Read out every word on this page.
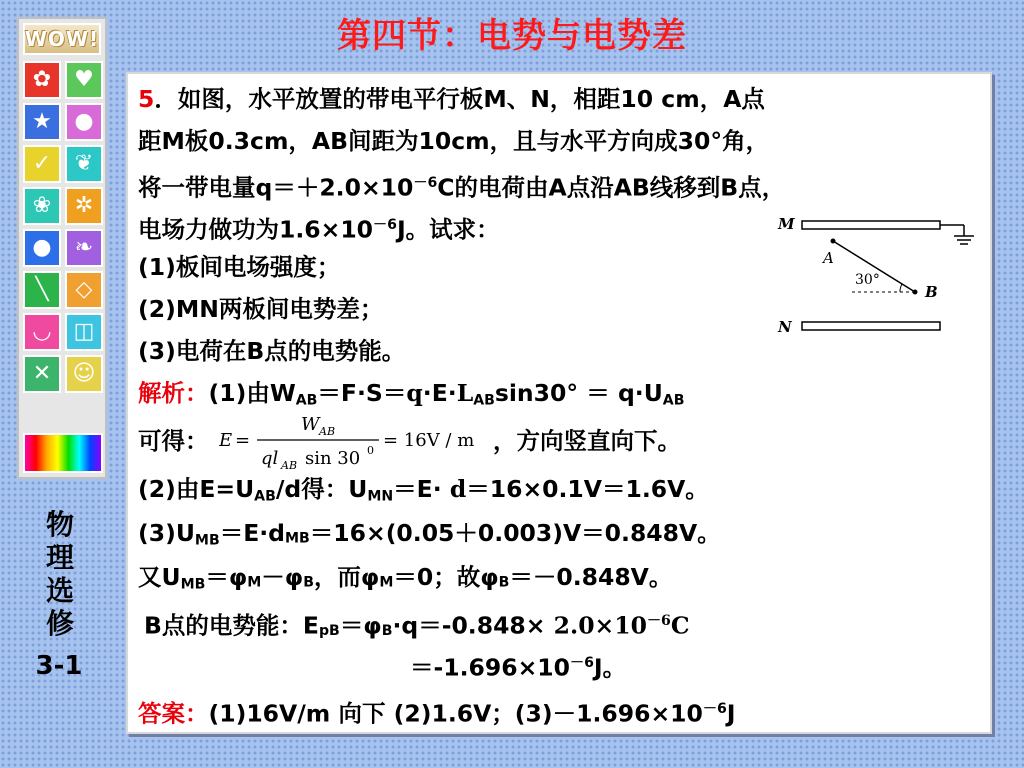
第四节：电势与电势差
WOW!
✿	♥
★	●
✓	❦
❀	✲
●	❧
╲	◇
◡	◫
✕ ☺
物
理
选
修
3-1
5．如图，水平放置的带电平行板M、N，相距10 cm，A点
距M板0.3cm，AB间距为10cm，且与水平方向成30°角，
将一带电量$q=+2.0\times 10^{-6}C$的电荷由A点沿AB线移到B点，
电场力做功为$1.6\times 10^{-6}J$。试求：
(1)板间电场强度；
(2)MN两板间电势差；
(3)电荷在B点的电势能。
M
A
30°
B
N
解析：(1)由$W_{AB}=F\cdot S=q\cdot E\cdot L_{AB}\sin 30^\circ = q\cdot U_{AB}$
可得： E =
W AB
ql AB sin 30 0 = 16V / m ，方向竖直向下。
(2)由$E=U_{AB}/d$得：$U_{MN}=E\cdot d=16\times 0.1V=1.6V$。
$(3)U_{MB}=E\cdot dMB=16\times(0.05+0.003)V=0.848V$。
又$U_{MB}=\varphi M-\varphi B$，而φM＝0；故φB＝－0.848V。
B点的电势能：$EpB=\varphi B\cdot q=-0.848\times 2.0\times 10^{-6}C$
$=-1.696\times 10^{-6}J$。
答案：(1)16V/m 向下 (2)1.6V；$(3)-1.696\times 10^{-6}J$
